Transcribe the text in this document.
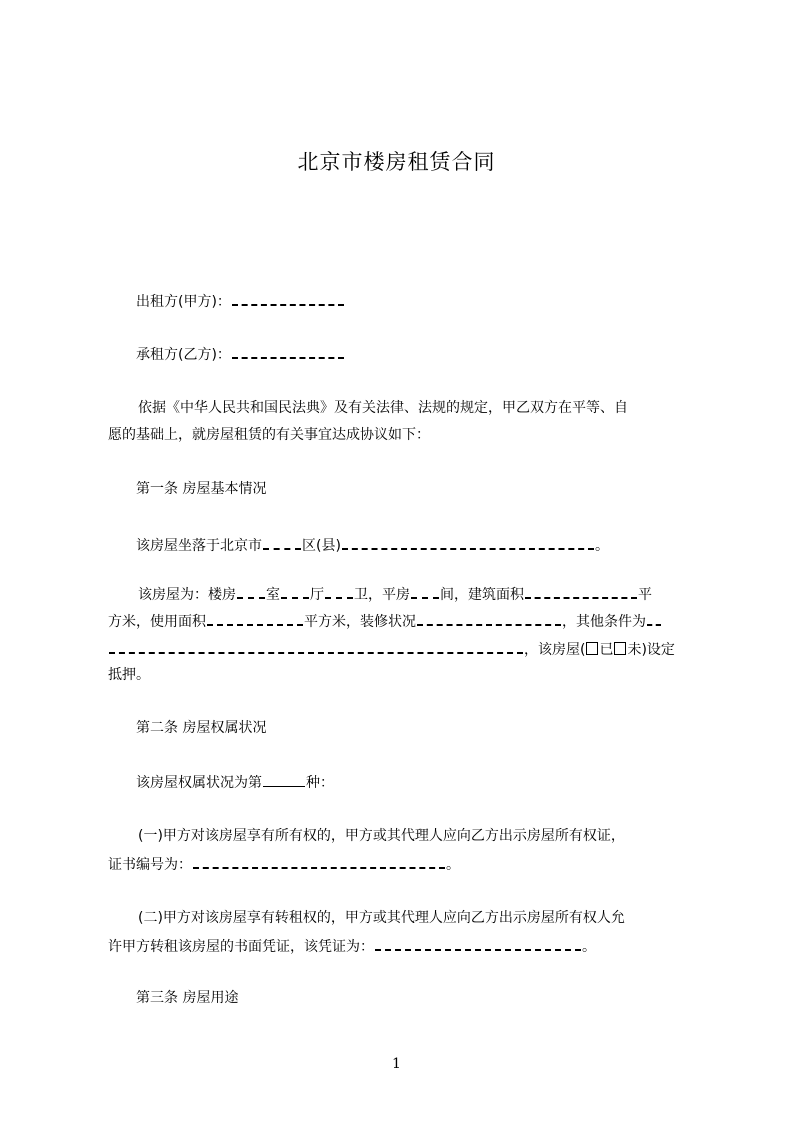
北京市楼房租赁合同
出租方(甲方)：
承租方(乙方)：
依据《中华人民共和国民法典》及有关法律、法规的规定，甲乙双方在平等、自
愿的基础上，就房屋租赁的有关事宜达成协议如下：
第一条 房屋基本情况
该房屋坐落于北京市	区(县)	。
该房屋为：楼房 室 厅 卫，平房 间，建筑面积	平
方米，使用面积	平方米，装修状况	，其他条件为
，该房屋( 已 未)设定
抵押。
第二条 房屋权属状况
该房屋权属状况为第	种：
(一)甲方对该房屋享有所有权的，甲方或其代理人应向乙方出示房屋所有权证，
证书编号为：	。
(二)甲方对该房屋享有转租权的，甲方或其代理人应向乙方出示房屋所有权人允
许甲方转租该房屋的书面凭证，该凭证为：	。
第三条 房屋用途
1
